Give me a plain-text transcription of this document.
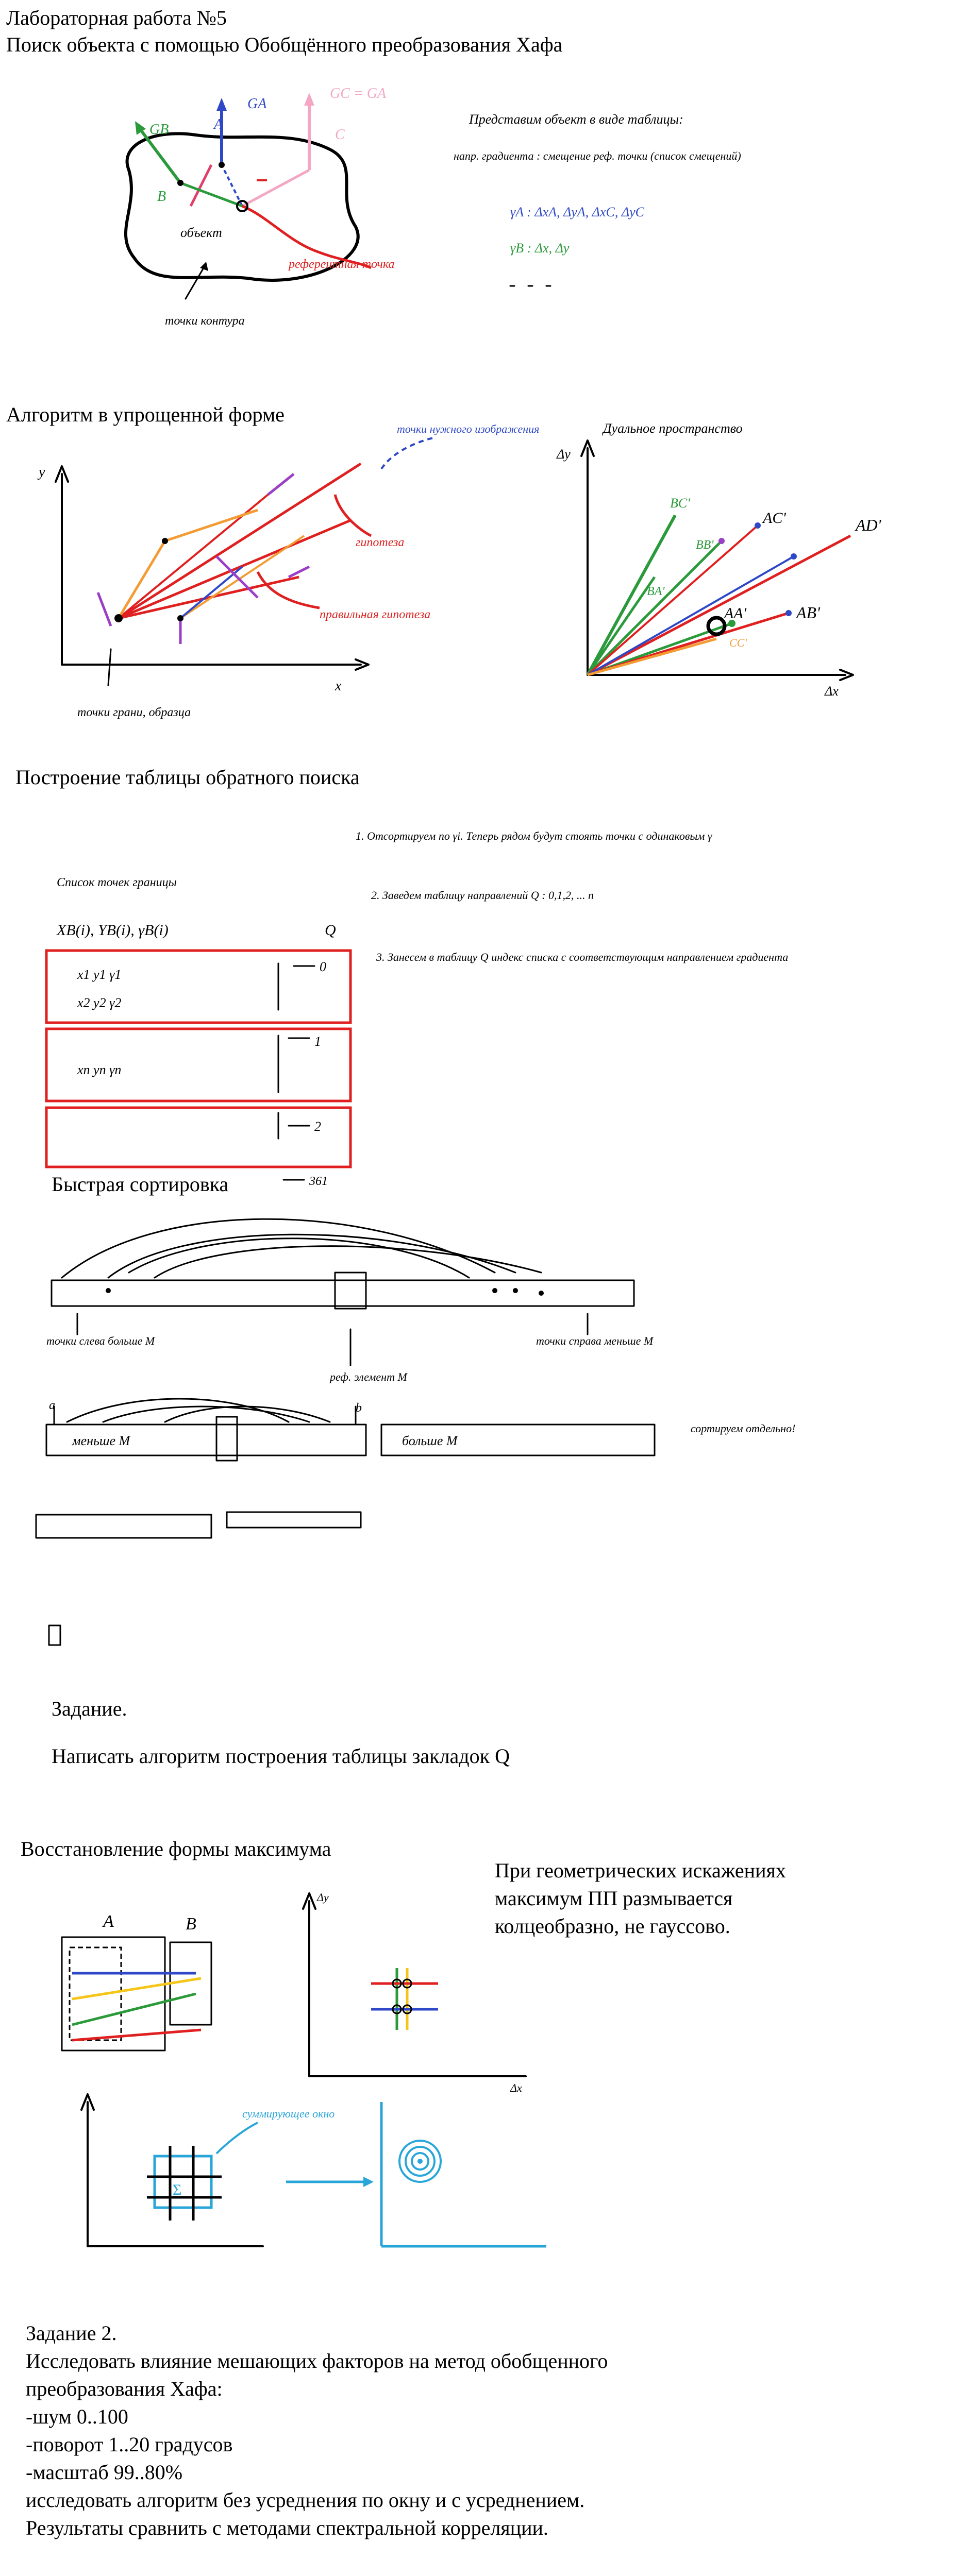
Лабораторная работа №5
Поиск объекта с помощью Обобщённого преобразования Хафа
Алгоритм в упрощенной форме
Построение таблицы обратного поиска
Быстрая сортировка
Задание.
Написать алгоритм построения таблицы закладок Q
Восстановление формы максимума
При геометрических искажениях
максимум ПП размывается
колцеобразно, не гауссово.
Задание 2.
Исследовать влияние мешающих факторов на метод обобщенного
преобразования Хафа:
-шум 0..100
-поворот 1..20 градусов
-масштаб 99..80%
исследовать алгоритм без усреднения по окну и с усреднением.
Результаты сравнить с методами спектральной корреляции.
GA
GC = GA
GB	A
B
C
объект
референтная точка
точки контура
Представим объект в виде таблицы:
напр. градиента : смещение реф. точки (список смещений)
γA : ΔxA, ΔyA, ΔxC, ΔyC
γB : Δx, Δy
y
x
точки нужного изображения
гипотеза
правильная гипотеза
точки грани, образца
Дуальное пространство
Δy
Δx
BC'
AC'	AD'
BB'
AB'
AA'
CC'
BA'
Список точек границы
XB(i), YB(i), γB(i)	Q
x1 y1 γ1
x2 y2 γ2
xn yn γn
0
1
2
361
1. Отсортируем по γi. Теперь рядом будут стоять точки с одинаковым γ
2. Заведем таблицу направлений Q : 0,1,2, ... n
3. Занесем в таблицу Q индекс списка с соответствующим направлением градиента
точки слева больше M	точки справа меньше M
реф. элемент M
a	b
меньше M	больше M
сортируем отдельно!
A	B
Δy
Δx
суммирующее окно
Σ
